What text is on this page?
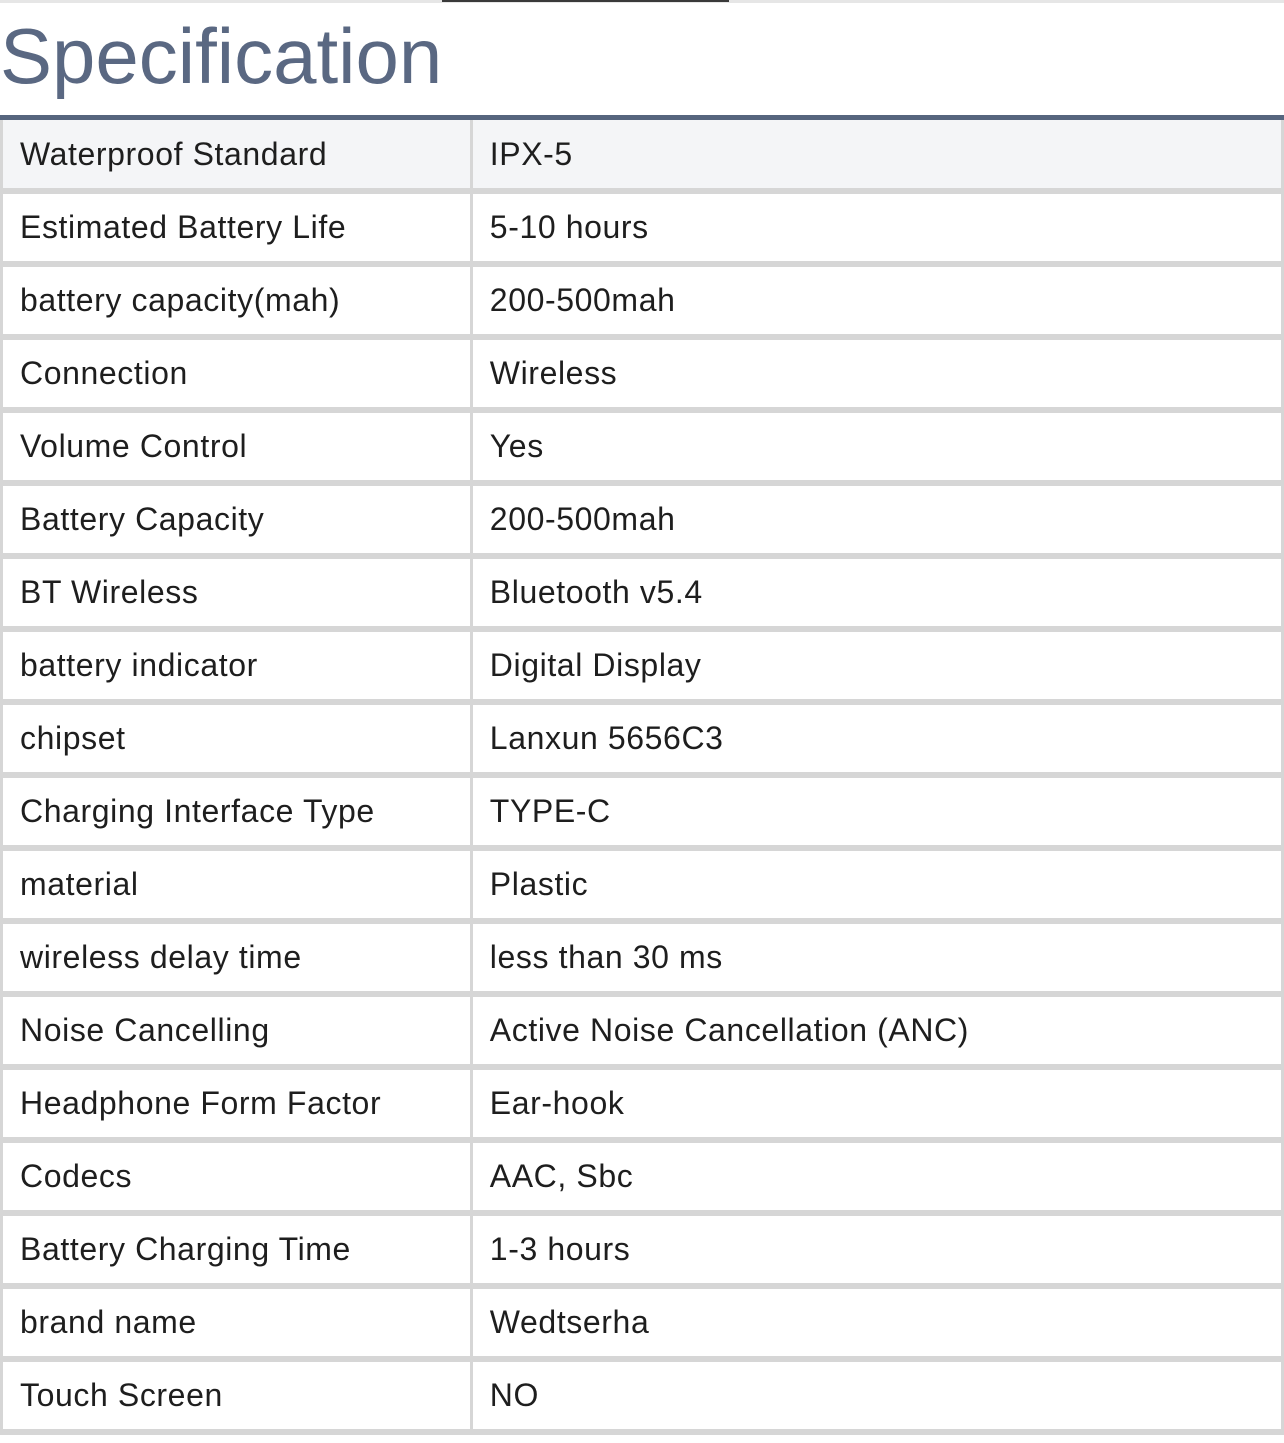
Specification
Waterproof Standard	IPX-5
Estimated Battery Life	5-10 hours
battery capacity(mah)	200-500mah
Connection	Wireless
Volume Control	Yes
Battery Capacity	200-500mah
BT Wireless	Bluetooth v5.4
battery indicator	Digital Display
chipset	Lanxun 5656C3
Charging Interface Type	TYPE-C
material	Plastic
wireless delay time	less than 30 ms
Noise Cancelling	Active Noise Cancellation (ANC)
Headphone Form Factor	Ear-hook
Codecs	AAC, Sbc
Battery Charging Time	1-3 hours
brand name	Wedtserha
Touch Screen	NO
